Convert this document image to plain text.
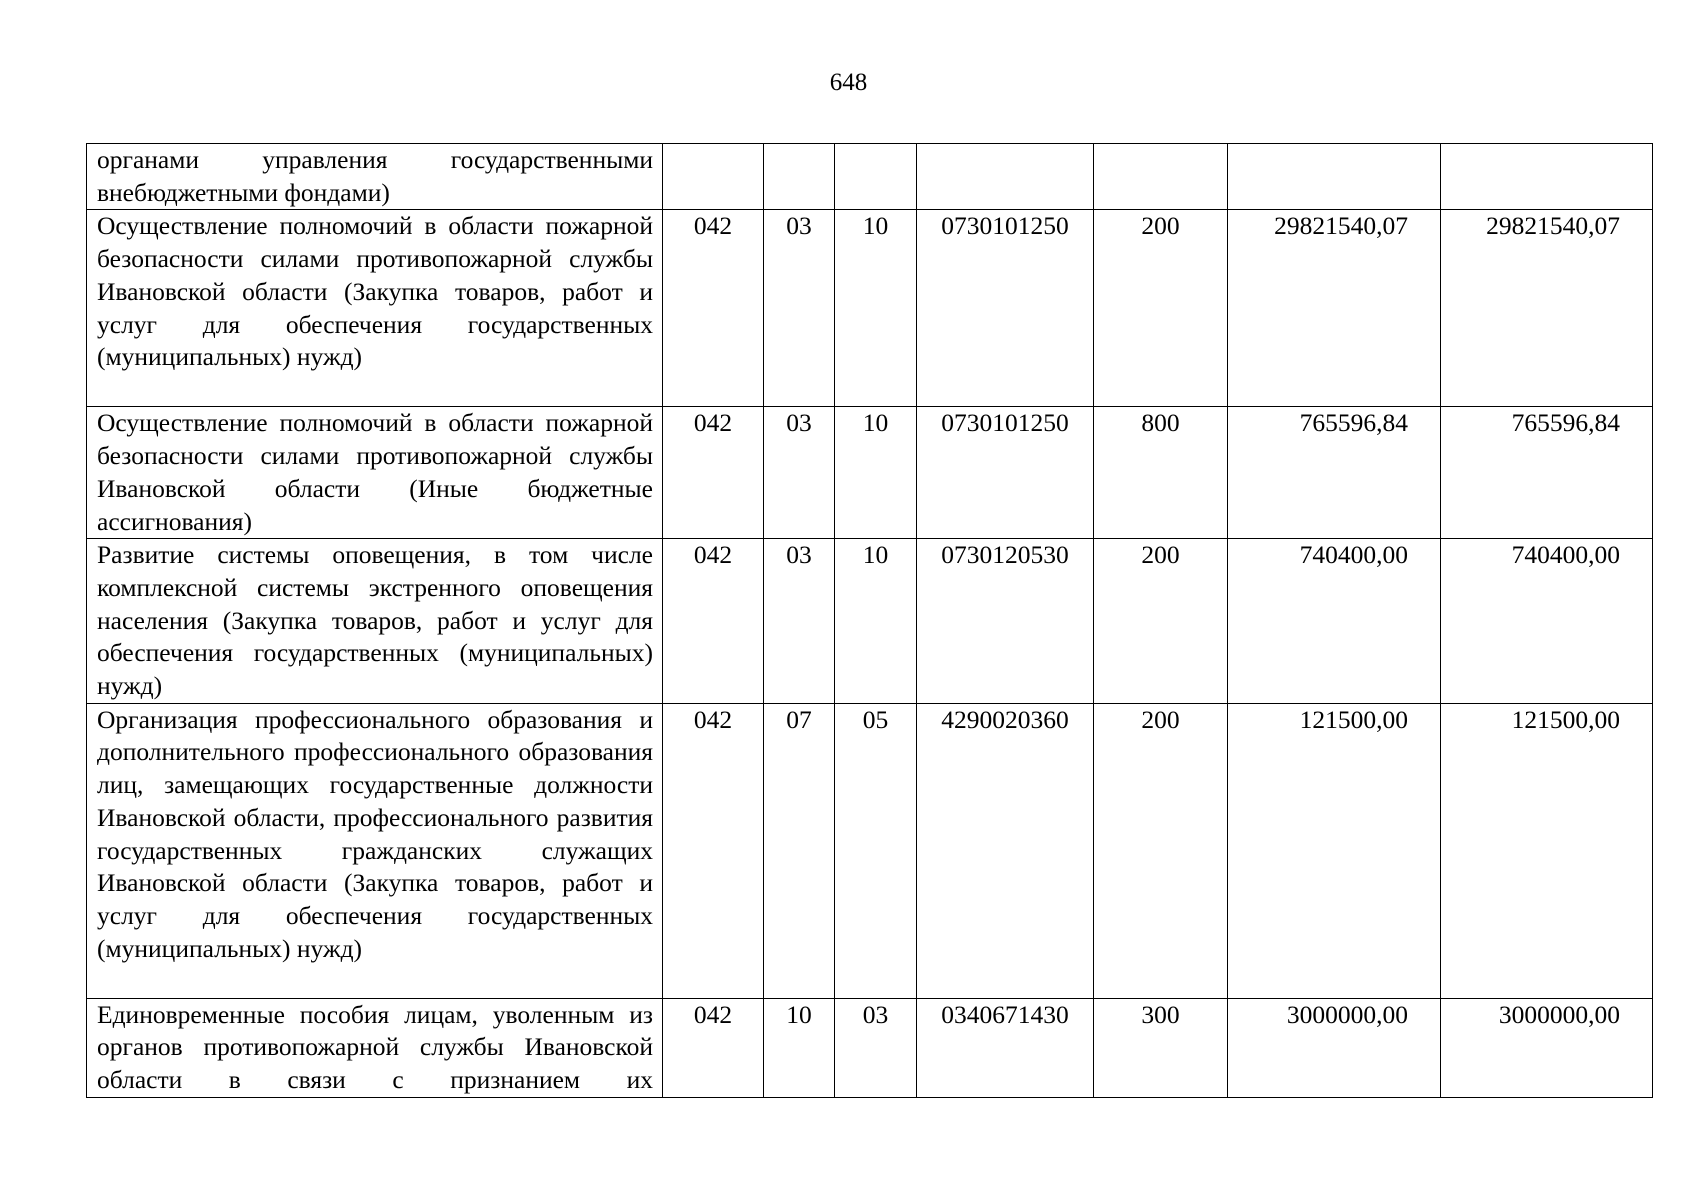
648
органами управления государственными внебюджетными фондами)							
Осуществление полномочий в области пожарной безопасности силами противопожарной службы Ивановской области (Закупка товаров, работ и услуг для обеспечения государственных (муниципальных) нужд)	042	03	10	0730101250	200	29821540,07	29821540,07
Осуществление полномочий в области пожарной безопасности силами противопожарной службы Ивановской области (Иные бюджетные ассигнования)	042	03	10	0730101250	800	765596,84	765596,84
Развитие системы оповещения, в том числе комплексной системы экстренного оповещения населения (Закупка товаров, работ и услуг для обеспечения государственных (муниципальных) нужд)	042	03	10	0730120530	200	740400,00	740400,00
Организация профессионального образования и дополнительного профессионального образования лиц, замещающих государственные должности Ивановской области, профессионального развития государственных гражданских служащих Ивановской области (Закупка товаров, работ и услуг для обеспечения государственных (муниципальных) нужд)	042	07	05	4290020360	200	121500,00	121500,00
Единовременные пособия лицам, уволенным из органов противопожарной службы Ивановской области в связи с признанием их	042	10	03	0340671430	300	3000000,00	3000000,00
